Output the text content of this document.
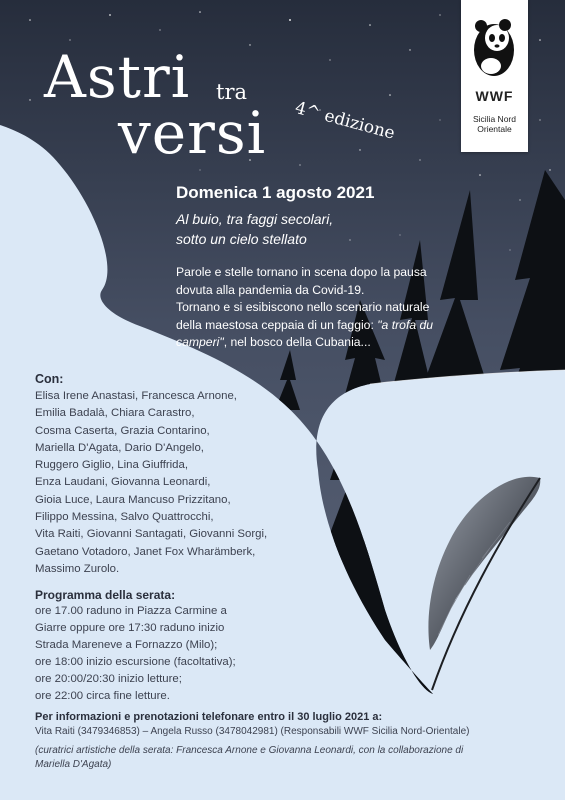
Astri tra
versi 4^ edizione
WWF
Sicilia Nord
Orientale
Domenica 1 agosto 2021
Al buio, tra faggi secolari,
sotto un cielo stellato
Parole e stelle tornano in scena dopo la pausa
dovuta alla pandemia da Covid-19.
Tornano e si esibiscono nello scenario naturale
della maestosa ceppaia di un faggio: "a trofa du
camperi", nel bosco della Cubania...
Con:
Elisa Irene Anastasi, Francesca Arnone,
Emilia Badalà, Chiara Carastro,
Cosma Caserta, Grazia Contarino,
Mariella D'Agata, Dario D'Angelo,
Ruggero Giglio, Lina Giuffrida,
Enza Laudani, Giovanna Leonardi,
Gioia Luce, Laura Mancuso Prizzitano,
Filippo Messina, Salvo Quattrocchi,
Vita Raiti, Giovanni Santagati, Giovanni Sorgi,
Gaetano Votadoro, Janet Fox Wharämberk,
Massimo Zurolo.
Programma della serata:
ore 17.00 raduno in Piazza Carmine a
Giarre oppure ore 17:30 raduno inizio
Strada Mareneve a Fornazzo (Milo);
ore 18:00 inizio escursione (facoltativa);
ore 20:00/20:30 inizio letture;
ore 22:00 circa fine letture.
Per informazioni e prenotazioni telefonare entro il 30 luglio 2021 a:
Vita Raiti (3479346853) – Angela Russo (3478042981) (Responsabili WWF Sicilia Nord-Orientale)
(curatrici artistiche della serata: Francesca Arnone e Giovanna Leonardi, con la collaborazione di
Mariella D'Agata)
